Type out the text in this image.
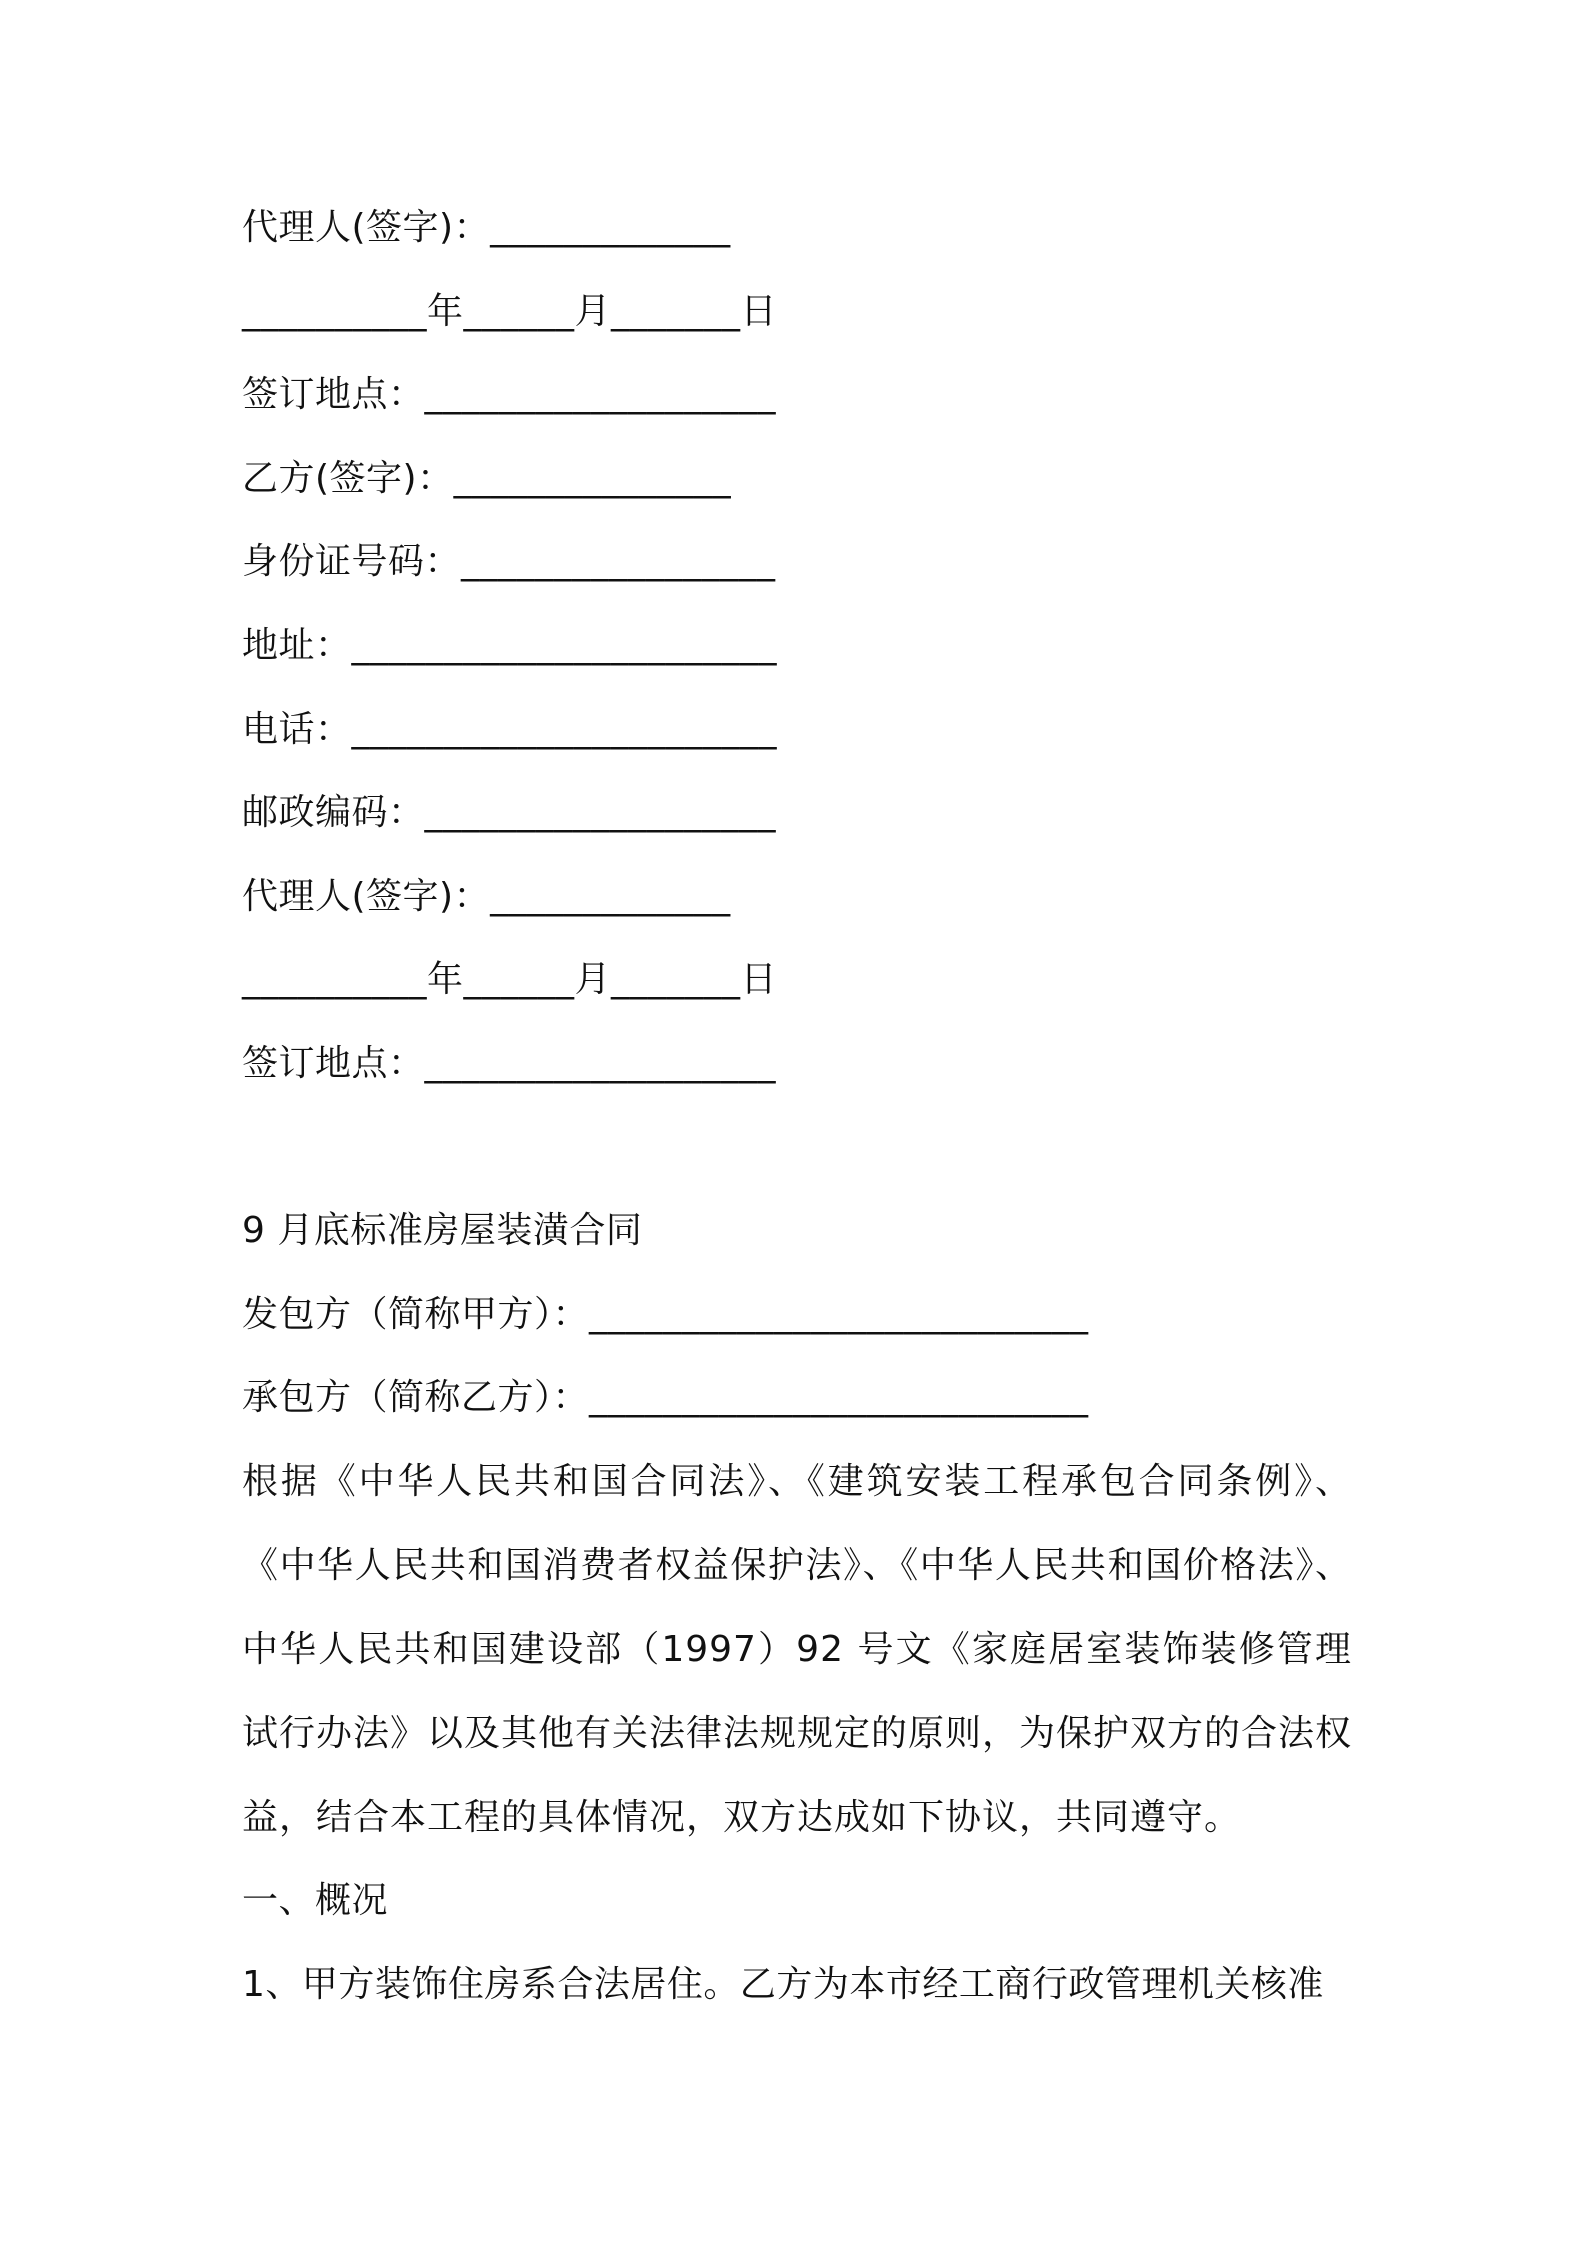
代理人(签字)：_____________
__________年______月_______日
签订地点：___________________
乙方(签字)：_______________
身份证号码：_________________
地址：_______________________
电话：_______________________
邮政编码：___________________
代理人(签字)：_____________
__________年______月_______日
签订地点：___________________
9 月底标准房屋装潢合同
发包方（简称甲方）：___________________________
承包方（简称乙方）：___________________________
根据《中华人民共和国合同法》、《建筑安装工程承包合同条例》、《中华人民共和国消费者权益保护法》、《中华人民共和国价格法》、中华人民共和国建设部（1997）92 号文《家庭居室装饰装修管理试行办法》以及其他有关法律法规规定的原则，为保护双方的合法权益，结合本工程的具体情况，双方达成如下协议，共同遵守。
一、概况
1、甲方装饰住房系合法居住。乙方为本市经工商行政管理机关核准
